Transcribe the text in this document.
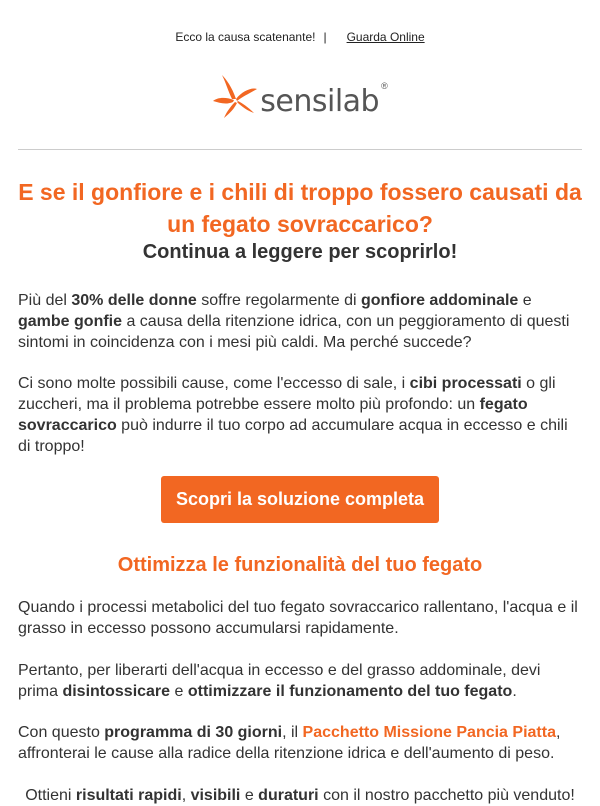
Ecco la causa scatenante! | Guarda Online
sensilab ®
E se il gonfiore e i chili di troppo fossero causati da un fegato sovraccarico?
Continua a leggere per scoprirlo!
Più del 30% delle donne soffre regolarmente di gonfiore addominale e gambe gonfie a causa della ritenzione idrica, con un peggioramento di questi sintomi in coincidenza con i mesi più caldi. Ma perché succede?
Ci sono molte possibili cause, come l'eccesso di sale, i cibi processati o gli zuccheri, ma il problema potrebbe essere molto più profondo: un fegato sovraccarico può indurre il tuo corpo ad accumulare acqua in eccesso e chili di troppo!
Scopri la soluzione completa
Ottimizza le funzionalità del tuo fegato
Quando i processi metabolici del tuo fegato sovraccarico rallentano, l'acqua e il grasso in eccesso possono accumularsi rapidamente.
Pertanto, per liberarti dell'acqua in eccesso e del grasso addominale, devi prima disintossicare e ottimizzare il funzionamento del tuo fegato.
Con questo programma di 30 giorni, il Pacchetto Missione Pancia Piatta, affronterai le cause alla radice della ritenzione idrica e dell'aumento di peso.
Ottieni risultati rapidi, visibili e duraturi con il nostro pacchetto più venduto!
